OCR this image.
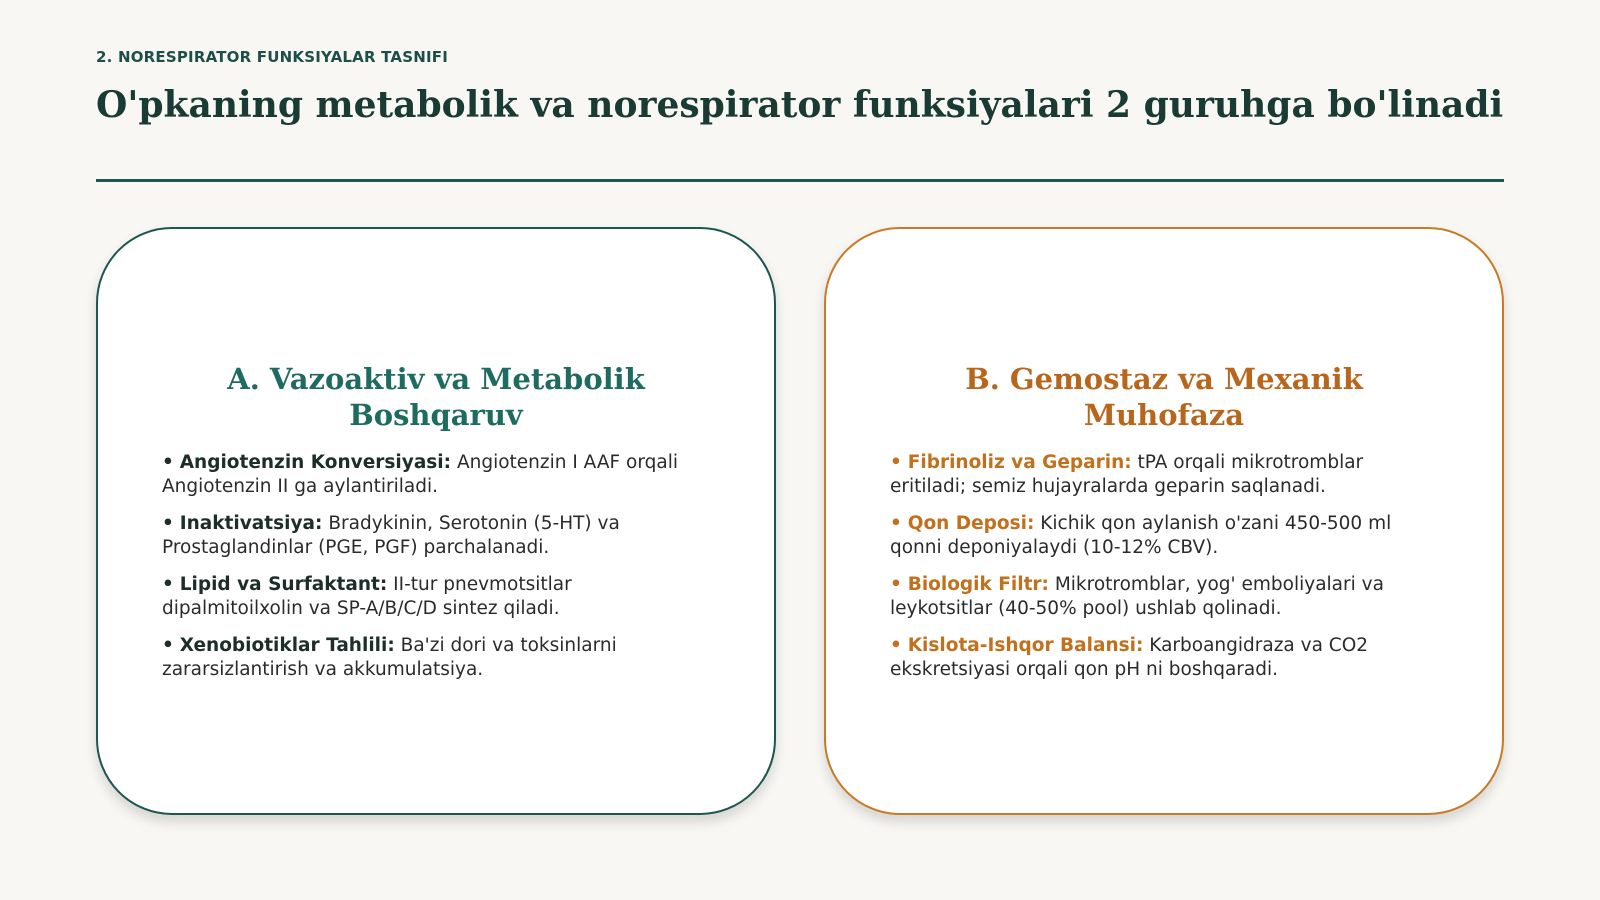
2. NORESPIRATOR FUNKSIYALAR TASNIFI
O'pkaning metabolik va norespirator funksiyalari 2 guruhga bo'linadi
A. Vazoaktiv va Metabolik Boshqaruv
• Angiotenzin Konversiyasi: Angiotenzin I AAF orqali Angiotenzin II ga aylantiriladi.
• Inaktivatsiya: Bradykinin, Serotonin (5-HT) va Prostaglandinlar (PGE, PGF) parchalanadi.
• Lipid va Surfaktant: II-tur pnevmotsitlar dipalmitoilxolin va SP-A/B/C/D sintez qiladi.
• Xenobiotiklar Tahlili: Ba'zi dori va toksinlarni zararsizlantirish va akkumulatsiya.
B. Gemostaz va Mexanik Muhofaza
• Fibrinoliz va Geparin: tPA orqali mikrotromblar eritiladi; semiz hujayralarda geparin saqlanadi.
• Qon Deposi: Kichik qon aylanish o'zani 450-500 ml qonni deponiyalaydi (10-12% CBV).
• Biologik Filtr: Mikrotromblar, yog' emboliyalari va leykotsitlar (40-50% pool) ushlab qolinadi.
• Kislota-Ishqor Balansi: Karboangidraza va CO2 ekskretsiyasi orqali qon pH ni boshqaradi.
